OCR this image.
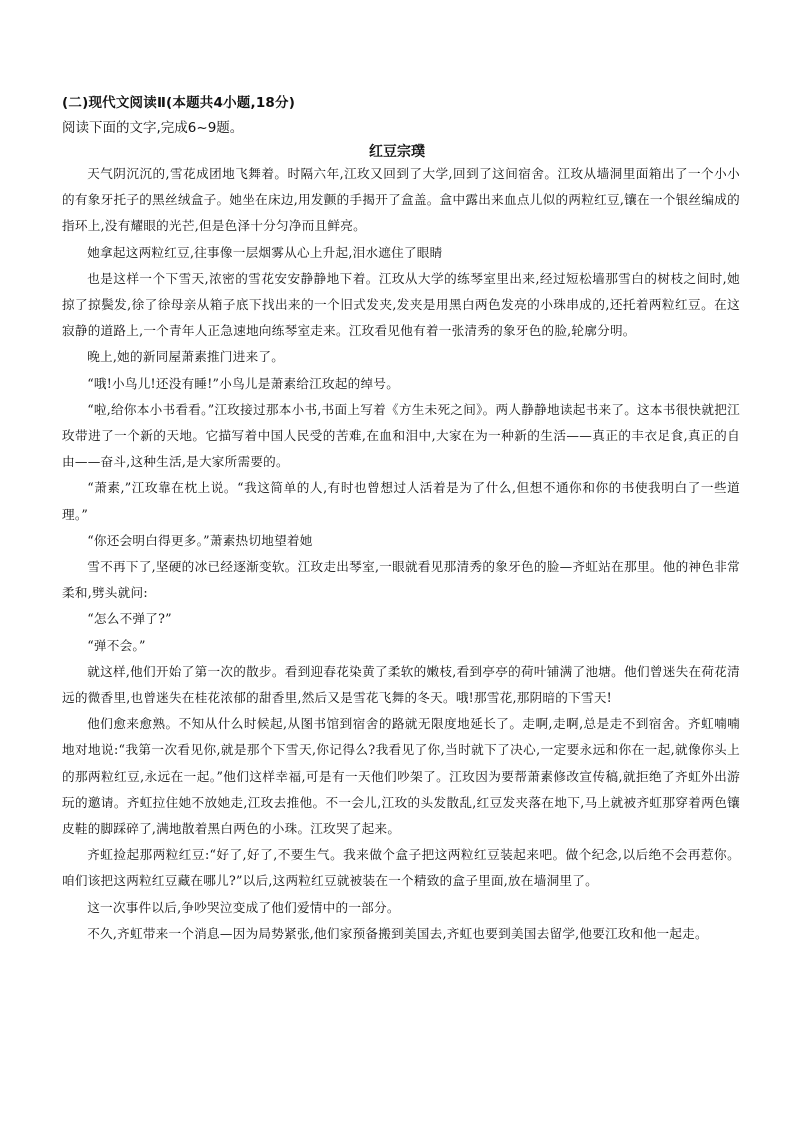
(二)现代文阅读Ⅱ(本题共4小题,18分)
阅读下面的文字,完成6~9题。
红豆宗璞

天气阴沉沉的,雪花成团地飞舞着。时隔六年,江玫又回到了大学,回到了这间宿舍。江玫从墙洞里面箱出了一个小小的有象牙托子的黑丝绒盒子。她坐在床边,用发颤的手揭开了盒盖。盒中露出来血点儿似的两粒红豆,镶在一个银丝编成的指环上,没有耀眼的光芒,但是色泽十分匀净而且鲜亮。

她拿起这两粒红豆,往事像一层烟雾从心上升起,泪水遮住了眼睛

也是这样一个下雪天,浓密的雪花安安静静地下着。江玫从大学的练琴室里出来,经过短松墙那雪白的树枝之间时,她掠了掠鬓发,徐了徐母亲从箱子底下找出来的一个旧式发夹,发夹是用黑白两色发亮的小珠串成的,还托着两粒红豆。在这寂静的道路上,一个青年人正急速地向练琴室走来。江玫看见他有着一张清秀的象牙色的脸,轮廓分明。

晚上,她的新同屋萧素推门进来了。

“哦!小鸟儿!还没有睡!”小鸟儿是萧素给江玫起的绰号。

“啦,给你本小书看看。”江玫接过那本小书,书面上写着《方生未死之间》。两人静静地读起书来了。这本书很快就把江玫带进了一个新的天地。它描写着中国人民受的苦难,在血和泪中,大家在为一种新的生活——真正的丰衣足食,真正的自由——奋斗,这种生活,是大家所需要的。

“萧素,”江玫靠在枕上说。“我这简单的人,有时也曾想过人活着是为了什么,但想不通你和你的书使我明白了一些道理。”

“你还会明白得更多。”萧素热切地望着她

雪不再下了,坚硬的冰已经逐渐变软。江玫走出琴室,一眼就看见那清秀的象牙色的脸—齐虹站在那里。他的神色非常柔和,劈头就问:

“怎么不弹了?”

“弹不会。”

就这样,他们开始了第一次的散步。看到迎春花染黄了柔软的嫩枝,看到亭亭的荷叶铺满了池塘。他们曾迷失在荷花清远的微香里,也曾迷失在桂花浓郁的甜香里,然后又是雪花飞舞的冬天。哦!那雪花,那阴暗的下雪天!

他们愈来愈熟。不知从什么时候起,从图书馆到宿舍的路就无限度地延长了。走啊,走啊,总是走不到宿舍。齐虹喃喃地对地说:“我第一次看见你,就是那个下雪天,你记得么?我看见了你,当时就下了决心,一定要永远和你在一起,就像你头上的那两粒红豆,永远在一起。”他们这样幸福,可是有一天他们吵架了。江玫因为要帮萧素修改宣传稿,就拒绝了齐虹外出游玩的邀请。齐虹拉住她不放她走,江玫去推他。不一会儿,江玫的头发散乱,红豆发夹落在地下,马上就被齐虹那穿着两色镶皮鞋的脚踩碎了,满地散着黑白两色的小珠。江玫哭了起来。

齐虹捡起那两粒红豆:“好了,好了,不要生气。我来做个盒子把这两粒红豆装起来吧。做个纪念,以后绝不会再惹你。咱们该把这两粒红豆藏在哪儿?”以后,这两粒红豆就被装在一个精致的盒子里面,放在墙洞里了。

这一次事件以后,争吵哭泣变成了他们爱情中的一部分。

不久,齐虹带来一个消息—因为局势紧张,他们家预备搬到美国去,齐虹也要到美国去留学,他要江玫和他一起走。
